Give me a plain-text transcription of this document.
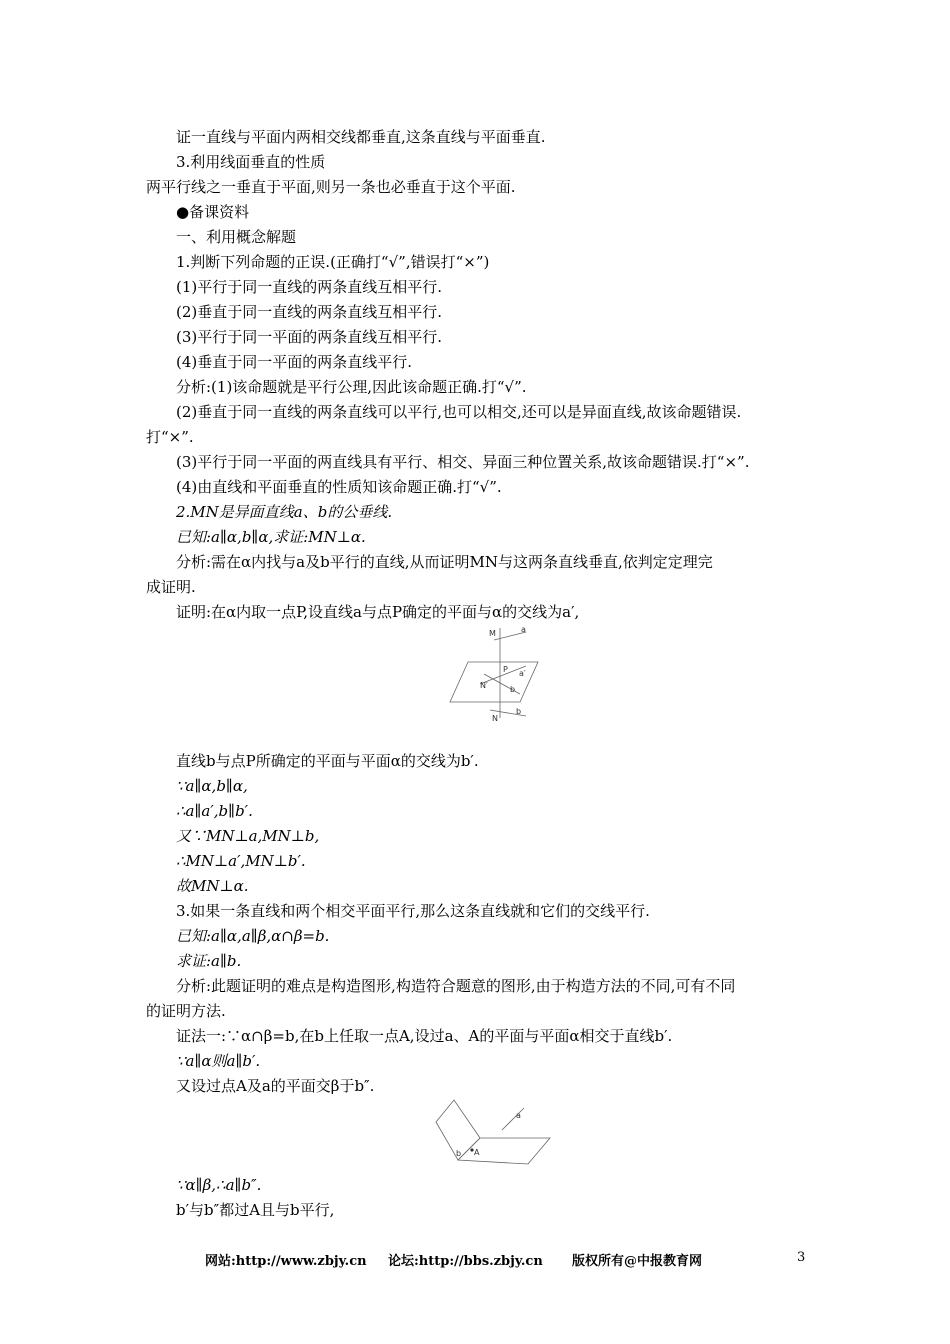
证一直线与平面内两相交线都垂直,这条直线与平面垂直.
3.利用线面垂直的性质
两平行线之一垂直于平面,则另一条也必垂直于这个平面.
●备课资料
一、利用概念解题
1.判断下列命题的正误.(正确打“√”,错误打“×”)
(1)平行于同一直线的两条直线互相平行.
(2)垂直于同一直线的两条直线互相平行.
(3)平行于同一平面的两条直线互相平行.
(4)垂直于同一平面的两条直线平行.
分析:(1)该命题就是平行公理,因此该命题正确.打“√”.
(2)垂直于同一直线的两条直线可以平行,也可以相交,还可以是异面直线,故该命题错误.
打“×”.
(3)平行于同一平面的两直线具有平行、相交、异面三种位置关系,故该命题错误.打“×”.
(4)由直线和平面垂直的性质知该命题正确.打“√”.
2.MN是异面直线a、b的公垂线.
已知:a∥α,b∥α,求证:MN⊥α.
分析:需在α内找与a及b平行的直线,从而证明MN与这两条直线垂直,依判定定理完
成证明.
证明:在α内取一点P,设直线a与点P确定的平面与α的交线为a′,
M	a
P a′
N′	b
N
b
直线b与点P所确定的平面与平面α的交线为b′.
∵a∥α,b∥α,
∴a∥a′,b∥b′.
又∵MN⊥a,MN⊥b,
∴MN⊥a′,MN⊥b′.
故MN⊥α.
3.如果一条直线和两个相交平面平行,那么这条直线就和它们的交线平行.
已知:a∥α,a∥β,α∩β=b.
求证:a∥b.
分析:此题证明的难点是构造图形,构造符合题意的图形,由于构造方法的不同,可有不同
的证明方法.
证法一:∵α∩β=b,在b上任取一点A,设过a、A的平面与平面α相交于直线b′.
∵a∥α则a∥b′.
又设过点A及a的平面交β于b″.
a
b A
∵α∥β,∴a∥b″.
b′与b″都过A且与b平行,
网站:http://www.zbjy.cn 论坛:http://bbs.zbjy.cn 版权所有@中报教育网	3
